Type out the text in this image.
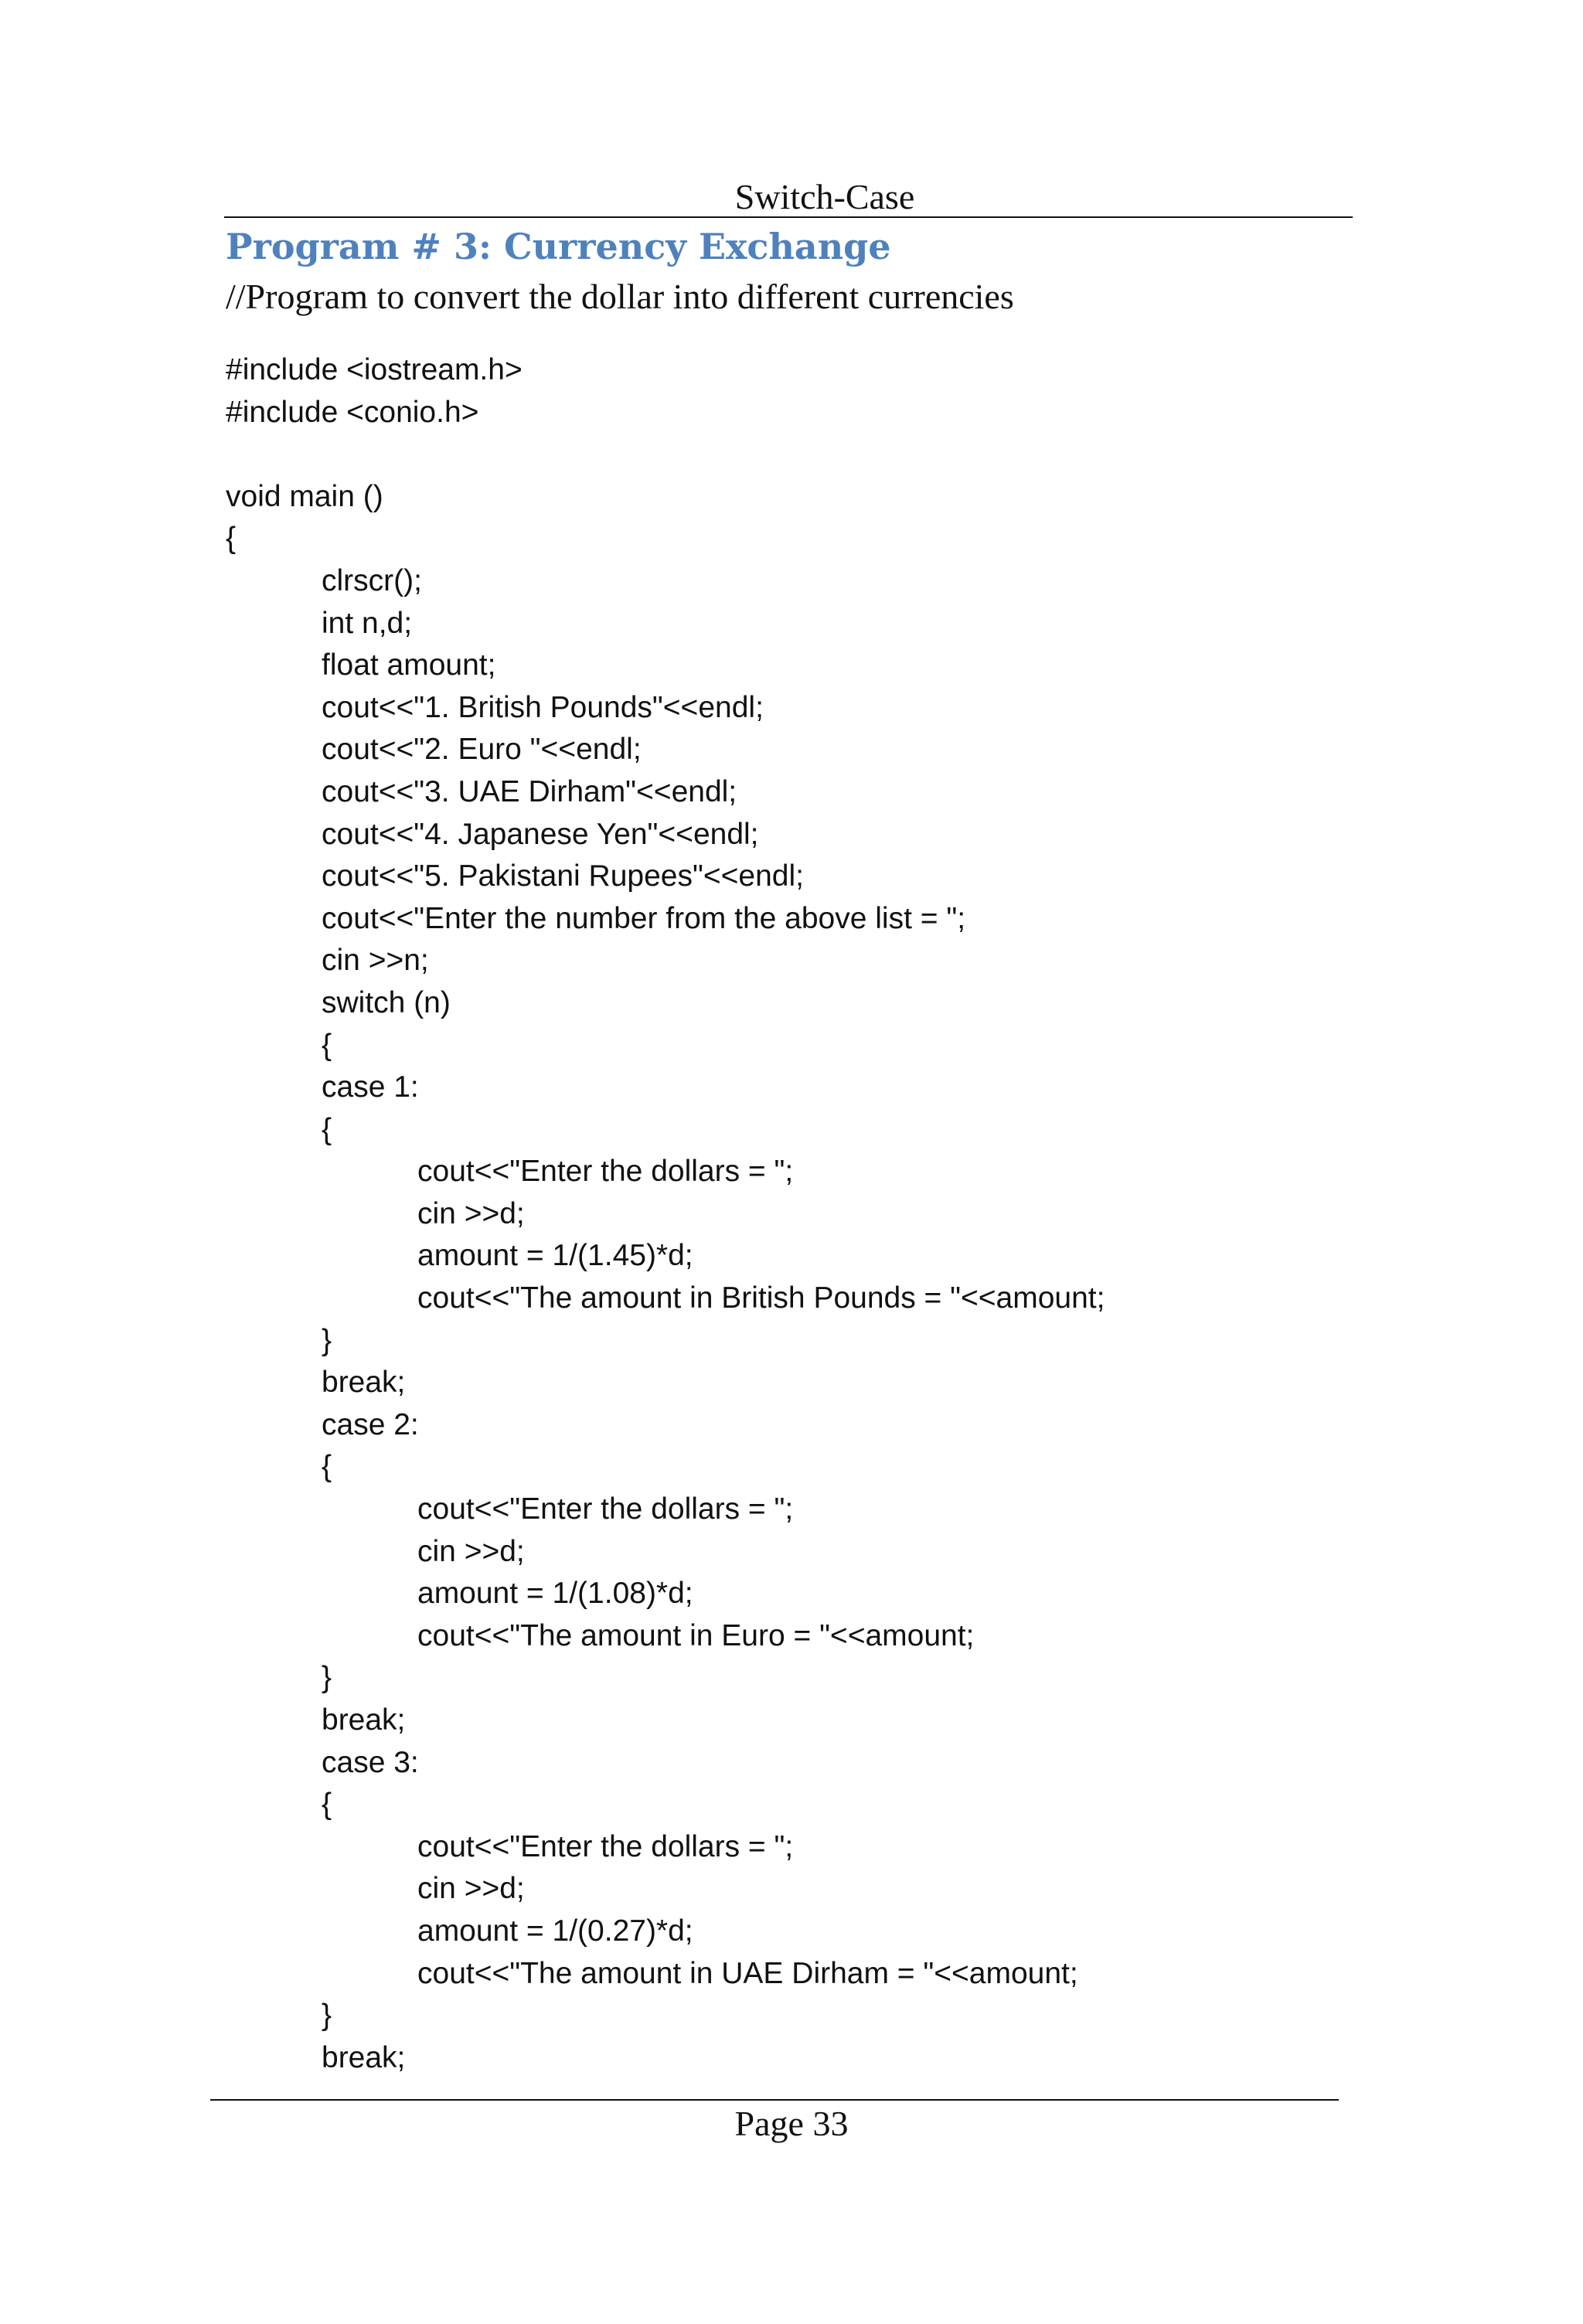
Switch-Case
Program # 3: Currency Exchange
//Program to convert the dollar into different currencies
#include <iostream.h>
#include <conio.h>
void main ()
{
clrscr();
int n,d;
float amount;
cout<<"1. British Pounds"<<endl;
cout<<"2. Euro "<<endl;
cout<<"3. UAE Dirham"<<endl;
cout<<"4. Japanese Yen"<<endl;
cout<<"5. Pakistani Rupees"<<endl;
cout<<"Enter the number from the above list = ";
cin >>n;
switch (n)
{
case 1:
{
cout<<"Enter the dollars = ";
cin >>d;
amount = 1/(1.45)*d;
cout<<"The amount in British Pounds = "<<amount;
}
break;
case 2:
{
cout<<"Enter the dollars = ";
cin >>d;
amount = 1/(1.08)*d;
cout<<"The amount in Euro = "<<amount;
}
break;
case 3:
{
cout<<"Enter the dollars = ";
cin >>d;
amount = 1/(0.27)*d;
cout<<"The amount in UAE Dirham = "<<amount;
}
break;
Page 33
